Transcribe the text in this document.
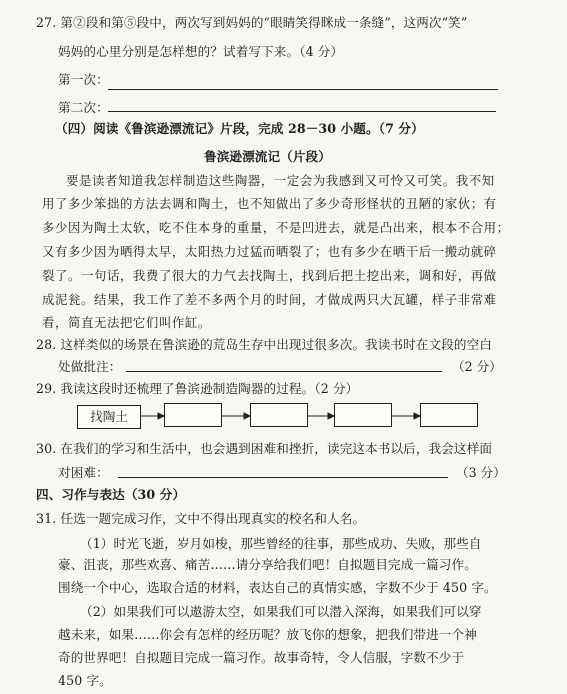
27. 第②段和第⑤段中，两次写到妈妈的“眼睛笑得眯成一条缝”，这两次“笑”
妈妈的心里分别是怎样想的？试着写下来。（4 分）
第一次：
第二次：
（四）阅读《鲁滨逊漂流记》片段，完成 28－30 小题。（7 分）
鲁滨逊漂流记（片段）
要是读者知道我怎样制造这些陶器，一定会为我感到又可怜又可笑。我不知
用了多少笨拙的方法去调和陶土，也不知做出了多少奇形怪状的丑陋的家伙；有
多少因为陶土太软，吃不住本身的重量，不是凹进去，就是凸出来，根本不合用；
又有多少因为晒得太早，太阳热力过猛而晒裂了；也有多少在晒干后一搬动就碎
裂了。一句话，我费了很大的力气去找陶土，找到后把土挖出来，调和好，再做
成泥瓮。结果，我工作了差不多两个月的时间，才做成两只大瓦罐，样子非常难
看，简直无法把它们叫作缸。
28. 这样类似的场景在鲁滨逊的荒岛生存中出现过很多次。我读书时在文段的空白
处做批注：	（2 分）
29. 我读这段时还梳理了鲁滨逊制造陶器的过程。（2 分）
找陶土
30. 在我们的学习和生活中，也会遇到困难和挫折，读完这本书以后，我会这样面
对困难：	（3 分）
四、习作与表达（30 分）
31. 任选一题完成习作，文中不得出现真实的校名和人名。
（1）时光飞逝，岁月如梭，那些曾经的往事，那些成功、失败，那些自
豪、沮丧，那些欢喜、痛苦……请分享给我们吧！自拟题目完成一篇习作。
围绕一个中心，选取合适的材料，表达自己的真情实感，字数不少于 450 字。
（2）如果我们可以遨游太空，如果我们可以潜入深海，如果我们可以穿
越未来，如果……你会有怎样的经历呢？放飞你的想象，把我们带进一个神
奇的世界吧！自拟题目完成一篇习作。故事奇特，令人信服，字数不少于
450 字。
